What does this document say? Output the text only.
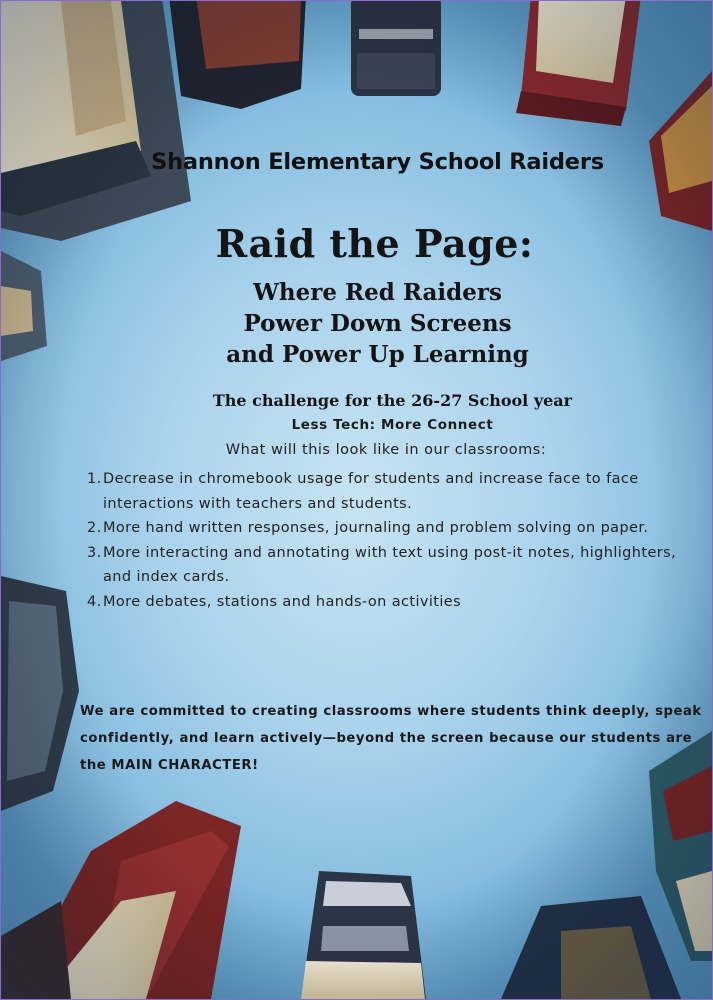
Shannon Elementary School Raiders
Raid the Page:
Where Red Raiders
Power Down Screens
and Power Up Learning

The challenge for the 26-27 School year

Less Tech: More Connect

What will this look like in our classrooms:

1. Decrease in chromebook usage for students and increase face to face interactions with teachers and students.
2. More hand written responses, journaling and problem solving on paper.
3. More interacting and annotating with text using post-it notes, highlighters, and index cards.
4. More debates, stations and hands-on activities

We are committed to creating classrooms where students think deeply, speak confidently, and learn actively—beyond the screen because our students are the MAIN CHARACTER!
